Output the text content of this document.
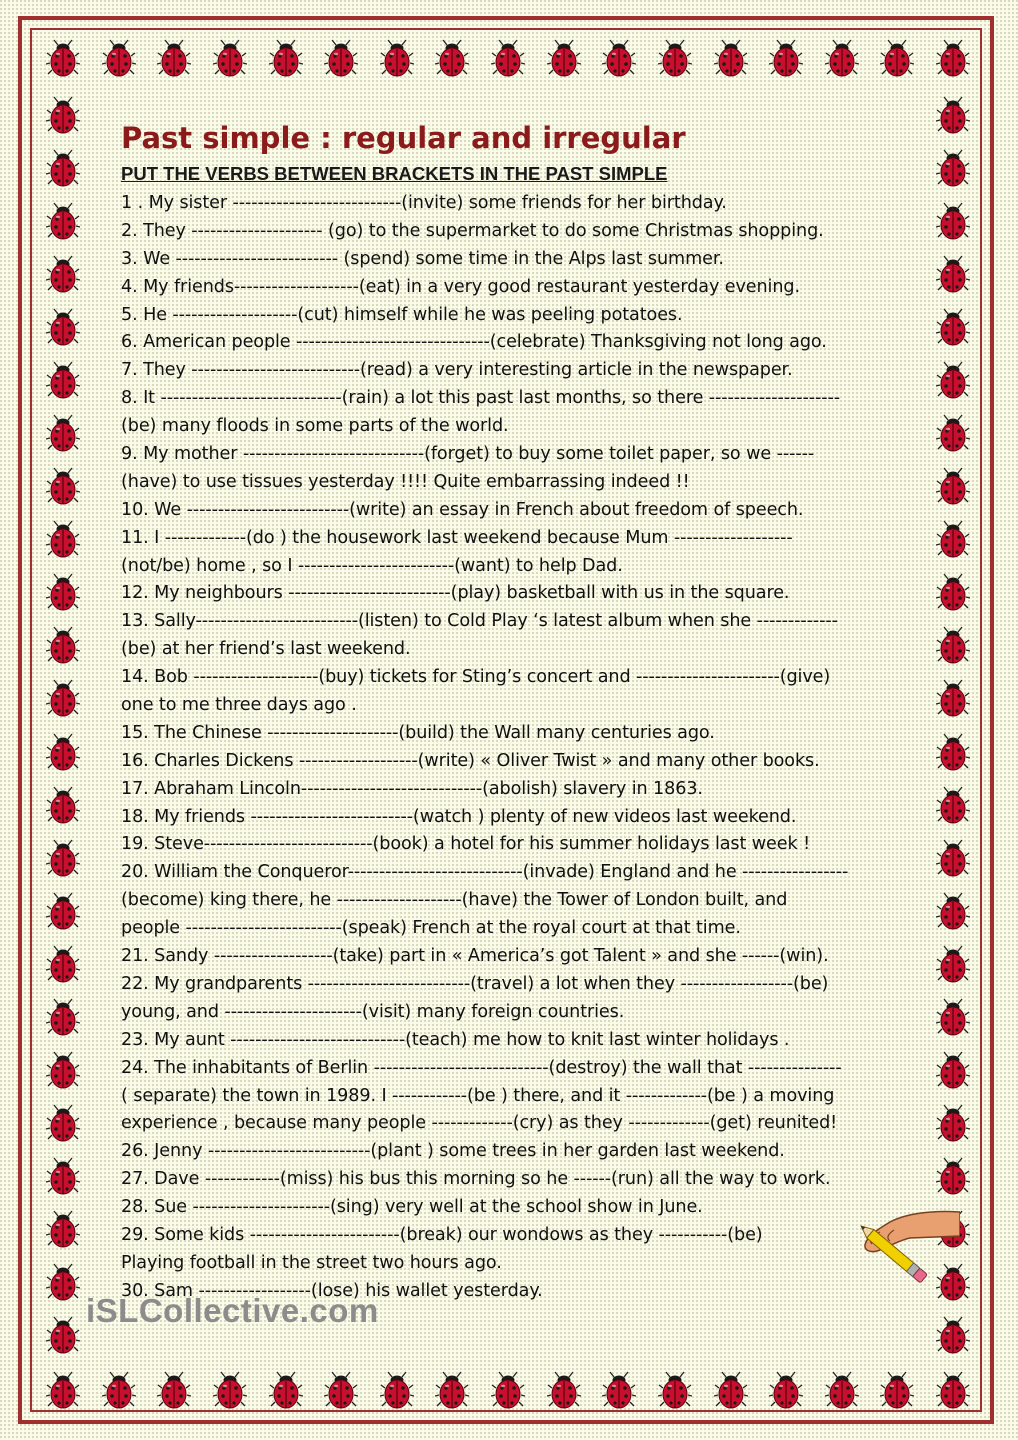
Past simple : regular and irregular
PUT THE VERBS BETWEEN BRACKETS IN THE PAST SIMPLE
1 . My sister ---------------------------(invite) some friends for her birthday.
2. They --------------------- (go) to the supermarket to do some Christmas shopping.
3. We -------------------------- (spend) some time in the Alps last summer.
4. My friends--------------------(eat) in a very good restaurant yesterday evening.
5. He --------------------(cut) himself while he was peeling potatoes.
6. American people -------------------------------(celebrate) Thanksgiving not long ago.
7. They ---------------------------(read) a very interesting article in the newspaper.
8. It -----------------------------(rain) a lot this past last months, so there ---------------------
(be) many floods in some parts of the world.
9. My mother -----------------------------(forget) to buy some toilet paper, so we ------
(have) to use tissues yesterday !!!! Quite embarrassing indeed !!
10. We --------------------------(write) an essay in French about freedom of speech.
11. I -------------(do ) the housework last weekend because Mum -------------------
(not/be) home , so I -------------------------(want) to help Dad.
12. My neighbours --------------------------(play) basketball with us in the square.
13. Sally--------------------------(listen) to Cold Play ‘s latest album when she -------------
(be) at her friend’s last weekend.
14. Bob --------------------(buy) tickets for Sting’s concert and -----------------------(give)
one to me three days ago .
15. The Chinese ---------------------(build) the Wall many centuries ago.
16. Charles Dickens -------------------(write) « Oliver Twist » and many other books.
17. Abraham Lincoln-----------------------------(abolish) slavery in 1863.
18. My friends --------------------------(watch ) plenty of new videos last weekend.
19. Steve---------------------------(book) a hotel for his summer holidays last week !
20. William the Conqueror----------------------------(invade) England and he -----------------
(become) king there, he --------------------(have) the Tower of London built, and
people -------------------------(speak) French at the royal court at that time.
21. Sandy -------------------(take) part in « America’s got Talent » and she ------(win).
22. My grandparents --------------------------(travel) a lot when they ------------------(be)
young, and ----------------------(visit) many foreign countries.
23. My aunt ----------------------------(teach) me how to knit last winter holidays .
24. The inhabitants of Berlin ----------------------------(destroy) the wall that ---------------
( separate) the town in 1989. I ------------(be ) there, and it -------------(be ) a moving
experience , because many people -------------(cry) as they -------------(get) reunited!
26. Jenny --------------------------(plant ) some trees in her garden last weekend.
27. Dave ------------(miss) his bus this morning so he ------(run) all the way to work.
28. Sue ----------------------(sing) very well at the school show in June.
29. Some kids ------------------------(break) our wondows as they -----------(be)
Playing football in the street two hours ago.
30. Sam ------------------(lose) his wallet yesterday.
iSLCollective.com
